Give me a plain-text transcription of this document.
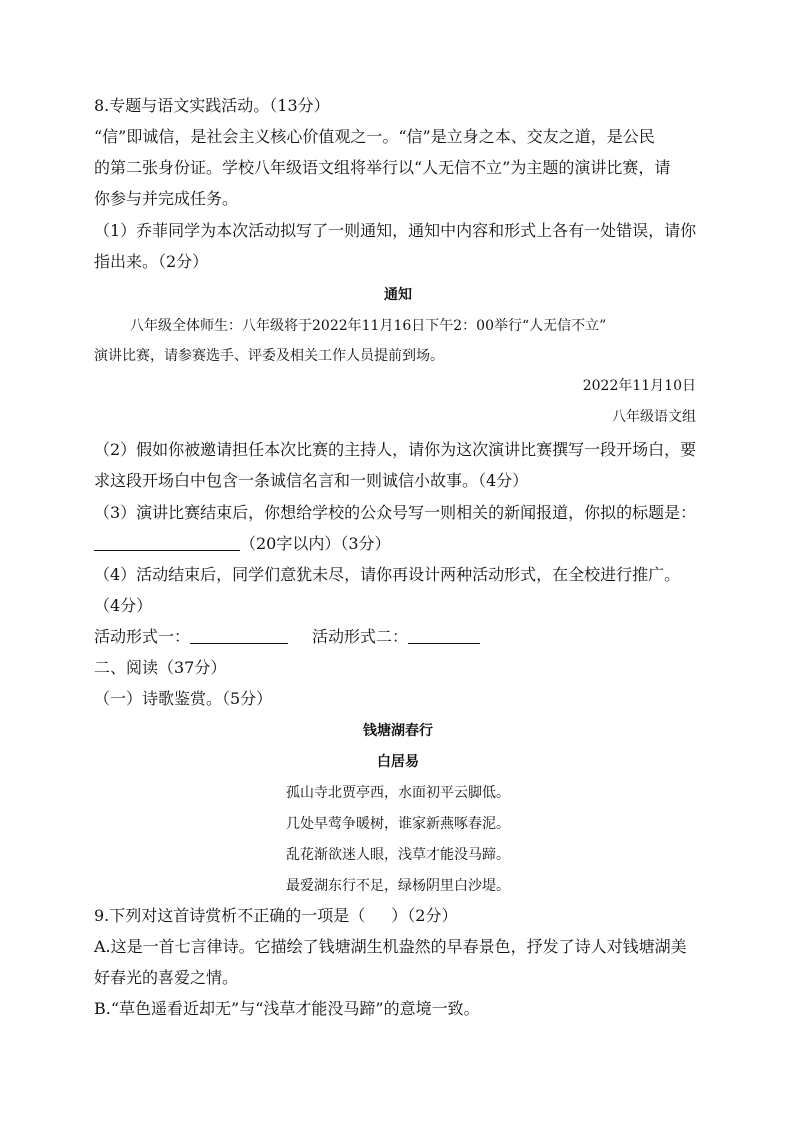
8.专题与语文实践活动。（13分）
“信”即诚信，是社会主义核心价值观之一。“信”是立身之本、交友之道，是公民
的第二张身份证。学校八年级语文组将举行以“人无信不立”为主题的演讲比赛，请
你参与并完成任务。
（1）乔菲同学为本次活动拟写了一则通知，通知中内容和形式上各有一处错误，请你
指出来。（2分）
通知
八年级全体师生：八年级将于2022年11月16日下午2：00举行“人无信不立”
演讲比赛，请参赛选手、评委及相关工作人员提前到场。
2022年11月10日
八年级语文组
（2）假如你被邀请担任本次比赛的主持人，请你为这次演讲比赛撰写一段开场白，要
求这段开场白中包含一条诚信名言和一则诚信小故事。（4分）
（3）演讲比赛结束后，你想给学校的公众号写一则相关的新闻报道，你拟的标题是：
（20字以内）（3分）
（4）活动结束后，同学们意犹未尽，请你再设计两种活动形式，在全校进行推广。
（4分）
活动形式一：	活动形式二：
二、阅读（37分）
（一）诗歌鉴赏。（5分）
钱塘湖春行
白居易
孤山寺北贾亭西，水面初平云脚低。
几处早莺争暖树，谁家新燕啄春泥。
乱花渐欲迷人眼，浅草才能没马蹄。
最爱湖东行不足，绿杨阴里白沙堤。
9.下列对这首诗赏析不正确的一项是（ ）（2分）
A.这是一首七言律诗。它描绘了钱塘湖生机盎然的早春景色，抒发了诗人对钱塘湖美
好春光的喜爱之情。
B.“草色遥看近却无”与“浅草才能没马蹄”的意境一致。
